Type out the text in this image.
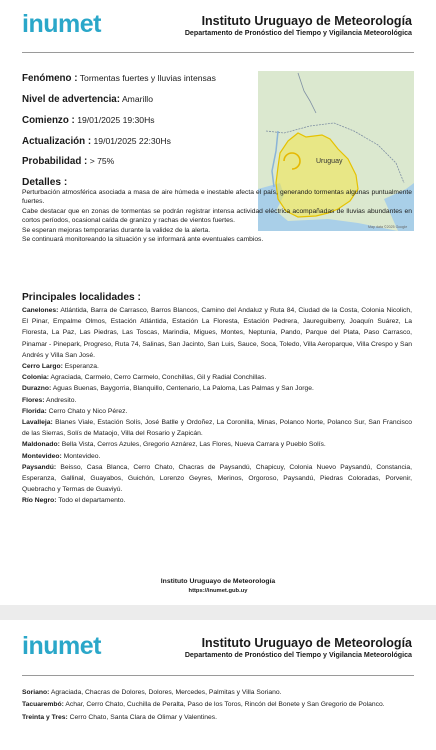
inumet	Instituto Uruguayo de Meteorología
Departamento de Pronóstico del Tiempo y Vigilancia Meteorológica
Fenómeno : Tormentas fuertes y lluvias intensas
Nivel de advertencia: Amarillo
Comienzo : 19/01/2025 19:30Hs
Actualización : 19/01/2025 22:30Hs
Probabilidad : > 75%	Uruguay
Map data ©2025 Google
Detalles :

Perturbación atmosférica asociada a masa de aire húmeda e inestable afecta el país, generando tormentas algunas puntualmente fuertes.

Cabe destacar que en zonas de tormentas se podrán registrar intensa actividad eléctrica acompañadas de lluvias abundantes en cortos períodos, ocasional caída de granizo y rachas de vientos fuertes.

Se esperan mejoras temporarias durante la validez de la alerta.

Se continuará monitoreando la situación y se informará ante eventuales cambios.

Principales localidades :

Canelones: Atlántida, Barra de Carrasco, Barros Blancos, Camino del Andaluz y Ruta 84, Ciudad de la Costa, Colonia Nicolich, El Pinar, Empalme Olmos, Estación Atlántida, Estación La Floresta, Estación Pedrera, Jaureguiberry, Joaquín Suárez, La Floresta, La Paz, Las Piedras, Las Toscas, Marindia, Migues, Montes, Neptunia, Pando, Parque del Plata, Paso Carrasco, Pinamar - Pinepark, Progreso, Ruta 74, Salinas, San Jacinto, San Luis, Sauce, Soca, Toledo, Villa Aeroparque, Villa Crespo y San Andrés y Villa San José.

Cerro Largo: Esperanza.

Colonia: Agraciada, Carmelo, Cerro Carmelo, Conchillas, Gil y Radial Conchillas.

Durazno: Aguas Buenas, Baygorria, Blanquillo, Centenario, La Paloma, Las Palmas y San Jorge.

Flores: Andresito.

Florida: Cerro Chato y Nico Pérez.

Lavalleja: Blanes Viale, Estación Solís, José Batlle y Ordoñez, La Coronilla, Minas, Polanco Norte, Polanco Sur, San Francisco de las Sierras, Solís de Mataojo, Villa del Rosario y Zapicán.

Maldonado: Bella Vista, Cerros Azules, Gregorio Aznárez, Las Flores, Nueva Carrara y Pueblo Solís.

Montevideo: Montevideo.

Paysandú: Beisso, Casa Blanca, Cerro Chato, Chacras de Paysandú, Chapicuy, Colonia Nuevo Paysandú, Constancia, Esperanza, Gallinal, Guayabos, Guichón, Lorenzo Geyres, Merinos, Orgoroso, Paysandú, Piedras Coloradas, Porvenir, Quebracho y Termas de Guaviyú.

Río Negro: Todo el departamento.

Instituto Uruguayo de Meteorología
https://inumet.gub.uy
inumet	Instituto Uruguayo de Meteorología
Departamento de Pronóstico del Tiempo y Vigilancia Meteorológica

Soriano: Agraciada, Chacras de Dolores, Dolores, Mercedes, Palmitas y Villa Soriano.

Tacuarembó: Achar, Cerro Chato, Cuchilla de Peralta, Paso de los Toros, Rincón del Bonete y San Gregorio de Polanco.

Treinta y Tres: Cerro Chato, Santa Clara de Olimar y Valentines.
